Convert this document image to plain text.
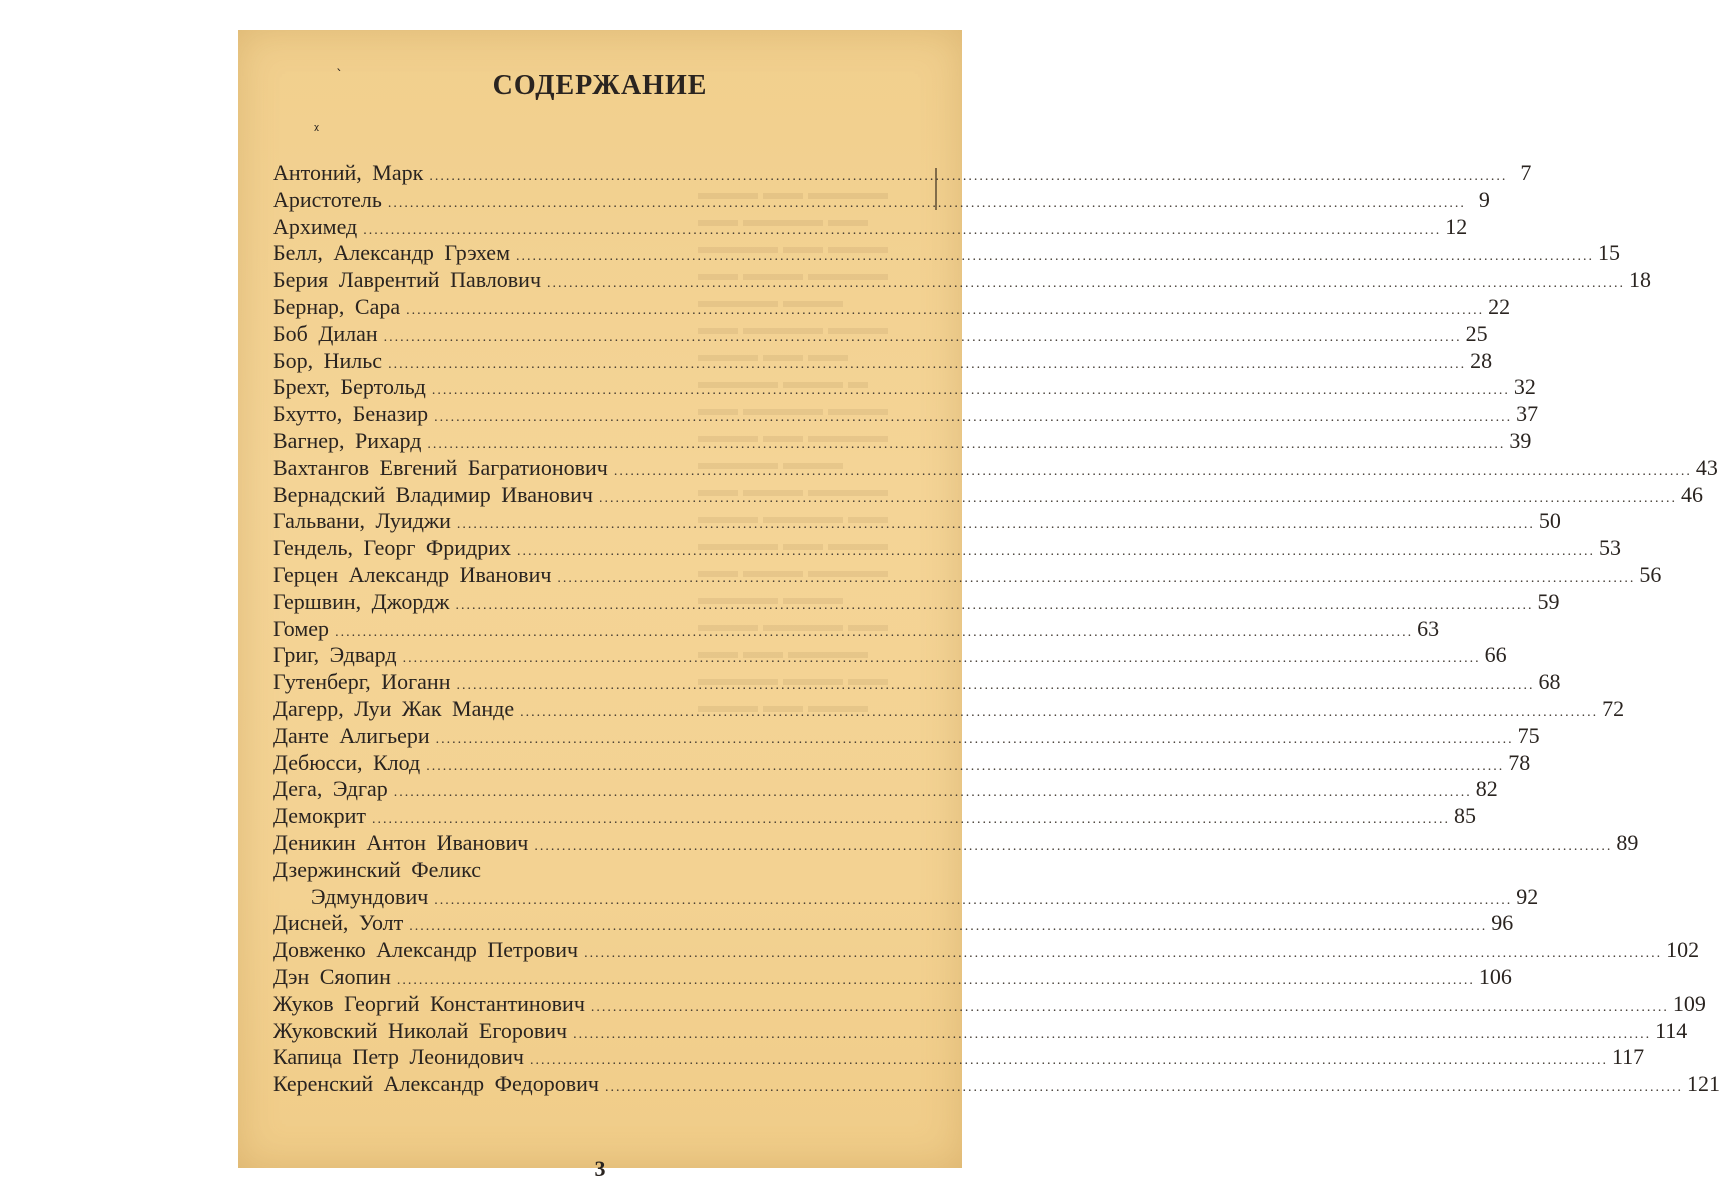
▬▬▬ ▬▬ ▬▬▬▬
▬▬ ▬▬▬▬ ▬▬
▬▬▬▬ ▬▬ ▬▬▬
▬▬ ▬▬▬ ▬▬▬▬
▬▬▬▬ ▬▬▬
▬▬ ▬▬▬▬ ▬▬▬
▬▬▬ ▬▬ ▬▬
▬▬▬▬ ▬▬▬ ▬
▬▬ ▬▬▬▬ ▬▬▬
▬▬▬ ▬▬ ▬▬▬▬
▬▬▬▬ ▬▬▬
▬▬ ▬▬▬ ▬▬▬▬
▬▬▬ ▬▬▬▬ ▬▬
▬▬▬▬ ▬▬ ▬▬▬
▬▬ ▬▬▬ ▬▬▬▬
▬▬▬▬ ▬▬▬
▬▬▬ ▬▬▬▬ ▬▬
▬▬ ▬▬ ▬▬▬▬
▬▬▬▬ ▬▬▬ ▬▬
▬▬▬ ▬▬ ▬▬▬
ˋ
ᵡ
СОДЕРЖАНИЕ
Антоний, Марк .....	7
Аристотель .....	9
Архимед .....	12
Белл, Александр Грэхем .....	15
Берия Лаврентий Павлович .....	18
Бернар, Сара .....	22
Боб Дилан .....	25
Бор, Нильс .....	28
Брехт, Бертольд .....	32
Бхутто, Беназир .....	37
Вагнер, Рихард .....	39
Вахтангов Евгений Багратионович .....	43
Вернадский Владимир Иванович .....	46
Гальвани, Луиджи .....	50
Гендель, Георг Фридрих .....	53
Герцен Александр Иванович .....	56
Гершвин, Джордж .....	59
Гомер .....	63
Григ, Эдвард .....	66
Гутенберг, Иоганн .....	68
Дагерр, Луи Жак Манде .....	72
Данте Алигьери .....	75
Дебюсси, Клод .....	78
Дега, Эдгар .....	82
Демокрит .....	85
Деникин Антон Иванович .....	89
Дзержинский Феликс
Эдмундович .....	92
Дисней, Уолт .....	96
Довженко Александр Петрович .....	102
Дэн Сяопин .....	106
Жуков Георгий Константинович .....	109
Жуковский Николай Егорович .....	114
Капица Петр Леонидович .....	117
Керенский Александр Федорович .....	121
3
